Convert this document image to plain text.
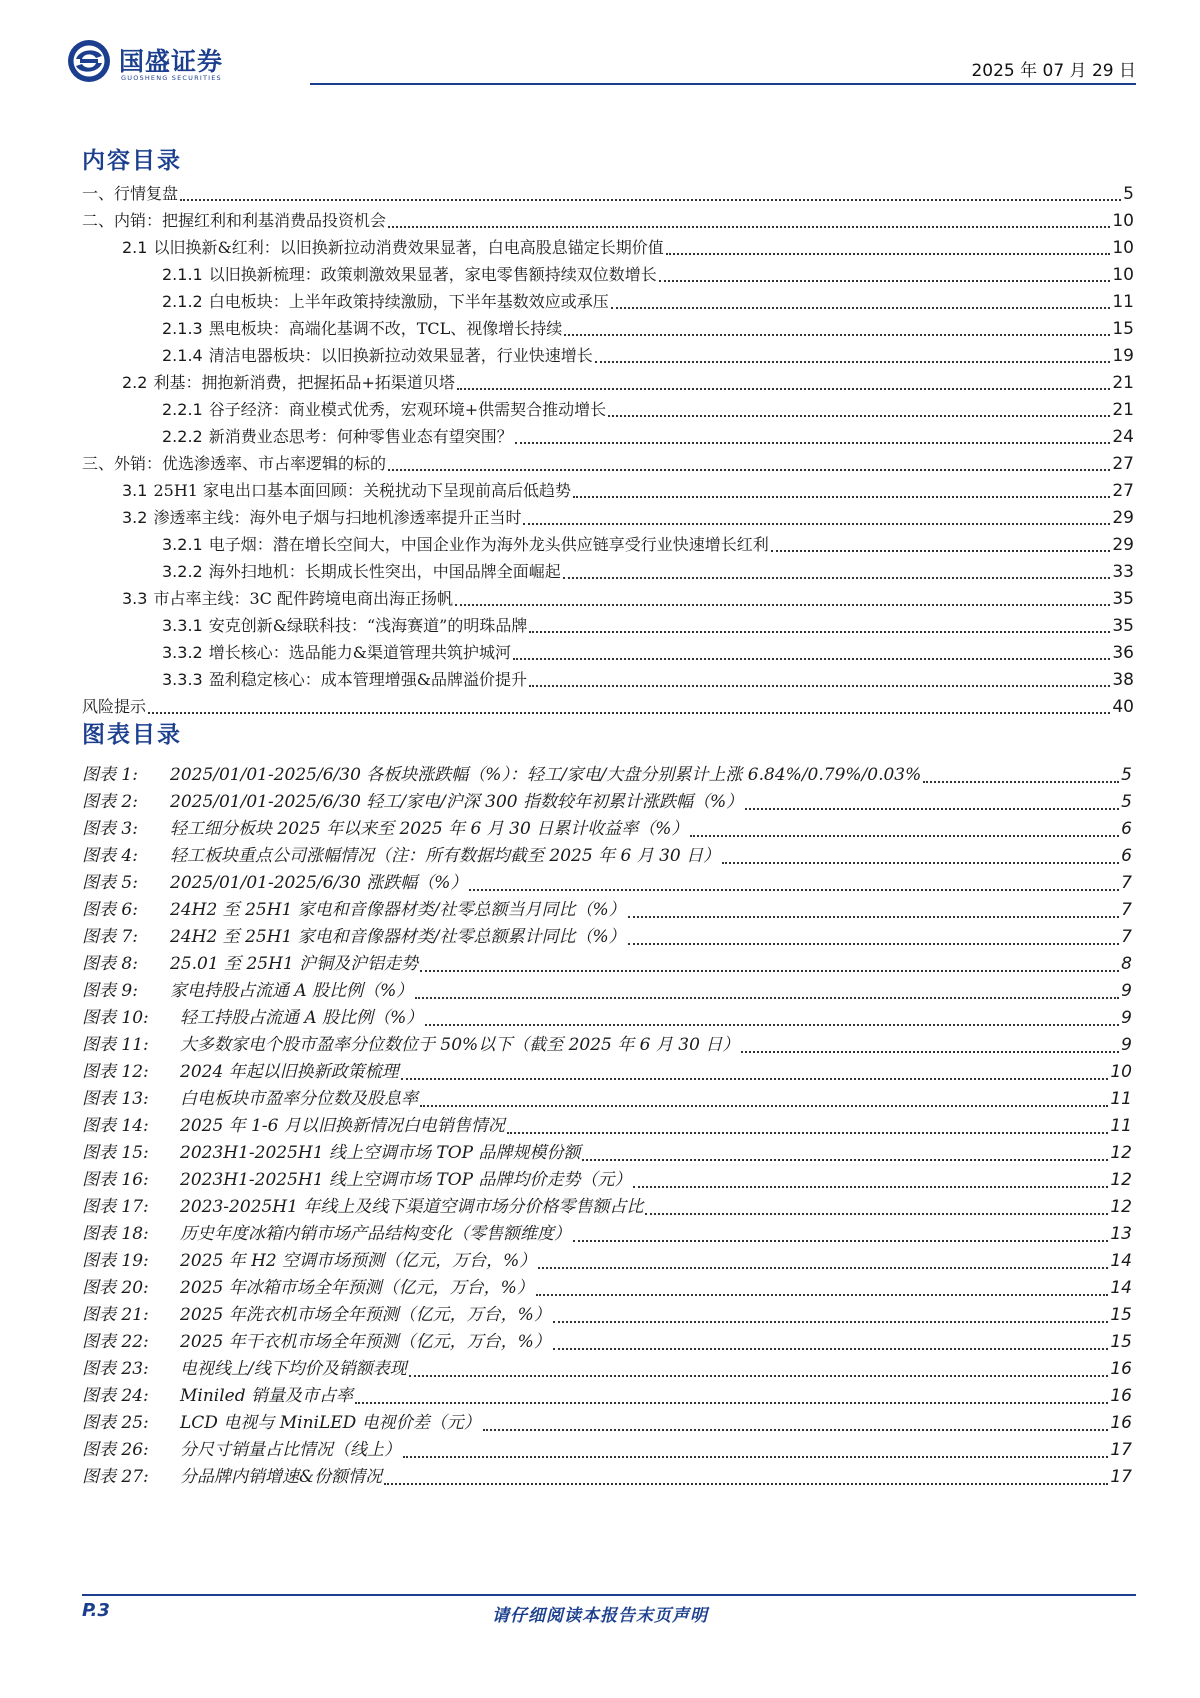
国盛证券
GUOSHENG SECURITIES	2025 年 07 月 29 日
内容目录
一、行情复盘	5
二、内销：把握红利和利基消费品投资机会	10
2.1 以旧换新&红利：以旧换新拉动消费效果显著，白电高股息锚定长期价值	10
2.1.1 以旧换新梳理：政策刺激效果显著，家电零售额持续双位数增长	10
2.1.2 白电板块：上半年政策持续激励，下半年基数效应或承压	11
2.1.3 黑电板块：高端化基调不改，TCL、视像增长持续	15
2.1.4 清洁电器板块：以旧换新拉动效果显著，行业快速增长	19
2.2 利基：拥抱新消费，把握拓品+拓渠道贝塔	21
2.2.1 谷子经济：商业模式优秀，宏观环境+供需契合推动增长	21
2.2.2 新消费业态思考：何种零售业态有望突围？	24
三、外销：优选渗透率、市占率逻辑的标的	27
3.1 25H1 家电出口基本面回顾：关税扰动下呈现前高后低趋势	27
3.2 渗透率主线：海外电子烟与扫地机渗透率提升正当时	29
3.2.1 电子烟：潜在增长空间大，中国企业作为海外龙头供应链享受行业快速增长红利	29
3.2.2 海外扫地机：长期成长性突出，中国品牌全面崛起	33
3.3 市占率主线：3C 配件跨境电商出海正扬帆	35
3.3.1 安克创新&绿联科技：“浅海赛道”的明珠品牌	35
3.3.2 增长核心：选品能力&渠道管理共筑护城河	36
3.3.3 盈利稳定核心：成本管理增强&品牌溢价提升	38
风险提示	40
图表目录
图表 1:	2025/01/01-2025/6/30 各板块涨跌幅（%）：轻工/家电/大盘分别累计上涨 6.84%/0.79%/0.03%	5
图表 2:	2025/01/01-2025/6/30 轻工/家电/沪深 300 指数较年初累计涨跌幅（%）	5
图表 3:	轻工细分板块 2025 年以来至 2025 年 6 月 30 日累计收益率（%）	6
图表 4:	轻工板块重点公司涨幅情况（注：所有数据均截至 2025 年 6 月 30 日）	6
图表 5:	2025/01/01-2025/6/30 涨跌幅（%）	7
图表 6:	24H2 至 25H1 家电和音像器材类/社零总额当月同比（%）	7
图表 7:	24H2 至 25H1 家电和音像器材类/社零总额累计同比（%）	7
图表 8:	25.01 至 25H1 沪铜及沪铝走势	8
图表 9:	家电持股占流通 A 股比例（%）	9
图表 10:	轻工持股占流通 A 股比例（%）	9
图表 11:	大多数家电个股市盈率分位数位于 50%以下（截至 2025 年 6 月 30 日）	9
图表 12:	2024 年起以旧换新政策梳理	10
图表 13:	白电板块市盈率分位数及股息率	11
图表 14:	2025 年 1-6 月以旧换新情况白电销售情况	11
图表 15:	2023H1-2025H1 线上空调市场 TOP 品牌规模份额	12
图表 16:	2023H1-2025H1 线上空调市场 TOP 品牌均价走势（元）	12
图表 17:	2023-2025H1 年线上及线下渠道空调市场分价格零售额占比	12
图表 18:	历史年度冰箱内销市场产品结构变化（零售额维度）	13
图表 19:	2025 年 H2 空调市场预测（亿元，万台，%）	14
图表 20:	2025 年冰箱市场全年预测（亿元，万台，%）	14
图表 21:	2025 年洗衣机市场全年预测（亿元，万台，%）	15
图表 22:	2025 年干衣机市场全年预测（亿元，万台，%）	15
图表 23:	电视线上/线下均价及销额表现	16
图表 24:	Miniled 销量及市占率	16
图表 25:	LCD 电视与 MiniLED 电视价差（元）	16
图表 26:	分尺寸销量占比情况（线上）	17
图表 27:	分品牌内销增速&份额情况	17
P.3	请仔细阅读本报告末页声明
